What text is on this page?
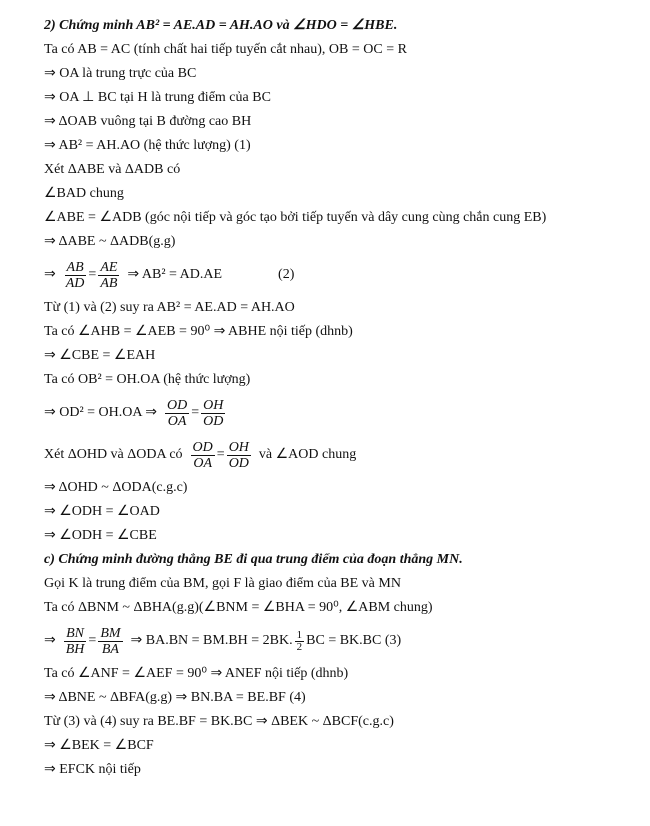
2) Chứng minh AB² = AE.AD = AH.AO và ∠HDO = ∠HBE.
Ta có AB = AC (tính chất hai tiếp tuyến cắt nhau), OB = OC = R
⇒ OA là trung trực của BC
⇒ OA ⊥ BC tại H là trung điểm của BC
⇒ ΔOAB vuông tại B đường cao BH
⇒ AB² = AH.AO (hệ thức lượng) (1)
Xét ΔABE và ΔADB có
∠BAD chung
∠ABE = ∠ADB (góc nội tiếp và góc tạo bởi tiếp tuyến và dây cung cùng chắn cung EB)
⇒ ΔABE ~ ΔADB(g.g)
⇒ $\frac{AB}{AD} = \frac{AE}{AB}$ ⇒ AB² = AD.AE	(2)
Từ (1) và (2) suy ra AB² = AE.AD = AH.AO
Ta có ∠AHB = ∠AEB = 90⁰ ⇒ ABHE nội tiếp (dhnb)
⇒ ∠CBE = ∠EAH
Ta có OB² = OH.OA (hệ thức lượng)
⇒ OD² = OH.OA ⇒ $\frac{OD}{OA} = \frac{OH}{OD}$
Xét ΔOHD và ΔODA có $\frac{OD}{OA} = \frac{OH}{OD}$ và ∠AOD chung
⇒ ΔOHD ~ ΔODA(c.g.c)
⇒ ∠ODH = ∠OAD
⇒ ∠ODH = ∠CBE
c) Chứng minh đường thẳng BE đi qua trung điểm của đoạn thẳng MN.
Gọi K là trung điểm của BM, gọi F là giao điểm của BE và MN
Ta có ΔBNM ~ ΔBHA(g.g)(∠BNM = ∠BHA = 90⁰, ∠ABM chung)
⇒ $\frac{BN}{BH} = \frac{BM}{BA}$ ⇒ BA.BN = BM.BH = 2BK. $\frac{1}{2}$ BC = BK.BC (3)
Ta có ∠ANF = ∠AEF = 90⁰ ⇒ ANEF nội tiếp (dhnb)
⇒ ΔBNE ~ ΔBFA(g.g) ⇒ BN.BA = BE.BF (4)
Từ (3) và (4) suy ra BE.BF = BK.BC ⇒ ΔBEK ~ ΔBCF(c.g.c)
⇒ ∠BEK = ∠BCF
⇒ EFCK nội tiếp
